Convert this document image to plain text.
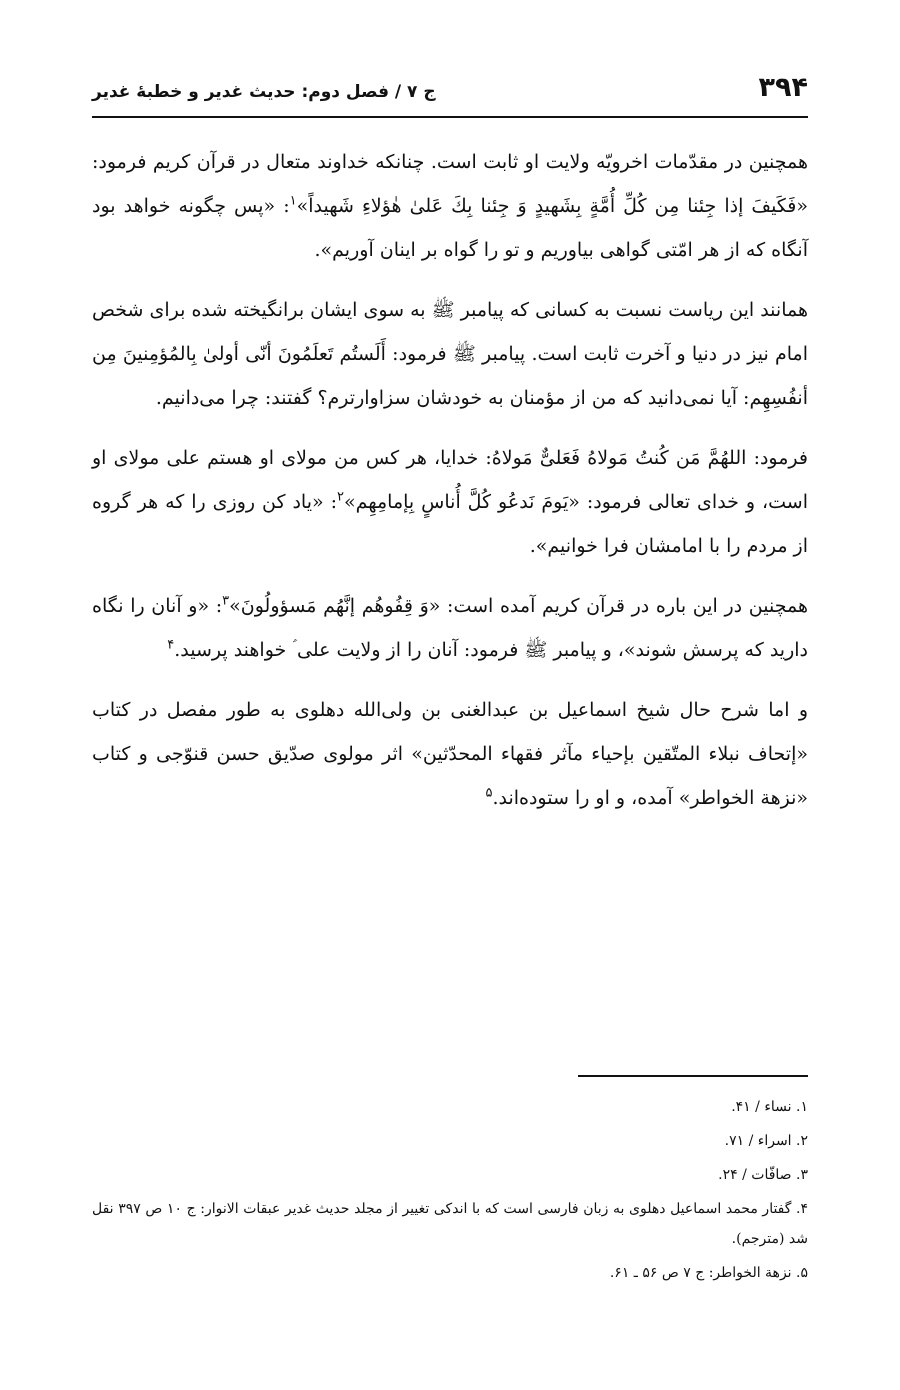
۳۹۴
ج ۷ / فصل دوم: حدیث غدیر و خطبهٔ غدیر

همچنین در مقدّمات اخرویّه ولایت او ثابت است. چنانکه خداوند متعال در قرآن کریم فرمود: «فَکَیفَ إذا جِئنا مِن کُلِّ أُمَّةٍ بِشَهیدٍ وَ جِئنا بِكَ عَلیٰ هٰؤلاءِ شَهیداً»$^۱$: «پس چگونه خواهد بود آنگاه که از هر امّتی گواهی بیاوریم و تو را گواه بر اینان آوریم».

همانند این ریاست نسبت به کسانی که پیامبر ﷺ به سوی ایشان برانگیخته شده برای شخص امام نیز در دنیا و آخرت ثابت است. پیامبر ﷺ فرمود: أَلَستُم تَعلَمُونَ أنّی أولیٰ بِالمُؤمِنینَ مِن أنفُسِهِم: آیا نمی‌دانید که من از مؤمنان به خودشان سزاوارترم؟ گفتند: چرا می‌دانیم.

فرمود: اللهُمَّ مَن کُنتُ مَولاهُ فَعَلیٌّ مَولاهُ: خدایا، هر کس من مولای او هستم علی مولای او است، و خدای تعالی فرمود: «یَومَ نَدعُو کُلَّ أُناسٍ بِإمامِهِم»$^۲$: «یاد کن روزی را که هر گروه از مردم را با امامشان فرا خوانیم».

همچنین در این باره در قرآن کریم آمده است: «وَ قِفُوهُم إنَّهُم مَسؤولُونَ»$^۳$: «و آنان را نگاه دارید که پرسش شوند»، و پیامبر ﷺ فرمود: آنان را از ولایت علی ؑ خواهند پرسید.$^۴$

و اما شرح حال شیخ اسماعیل بن عبدالغنی بن ولی‌الله دهلوی به طور مفصل در کتاب «إتحاف نبلاء المتّقین بإحیاء مآثر فقهاء المحدّثین» اثر مولوی صدّیق حسن قنوّجی و کتاب «نزهة الخواطر» آمده، و او را ستوده‌اند.$^۵$

۱. نساء / ۴۱.
۲. اسراء / ۷۱.
۳. صافّات / ۲۴.
۴. گفتار محمد اسماعیل دهلوی به زبان فارسی است که با اندکی تغییر از مجلد حدیث غدیر عبقات الانوار: ج ۱۰ ص ۳۹۷ نقل شد (مترجم).
۵. نزهة الخواطر: ج ۷ ص ۵۶ ـ ۶۱.
